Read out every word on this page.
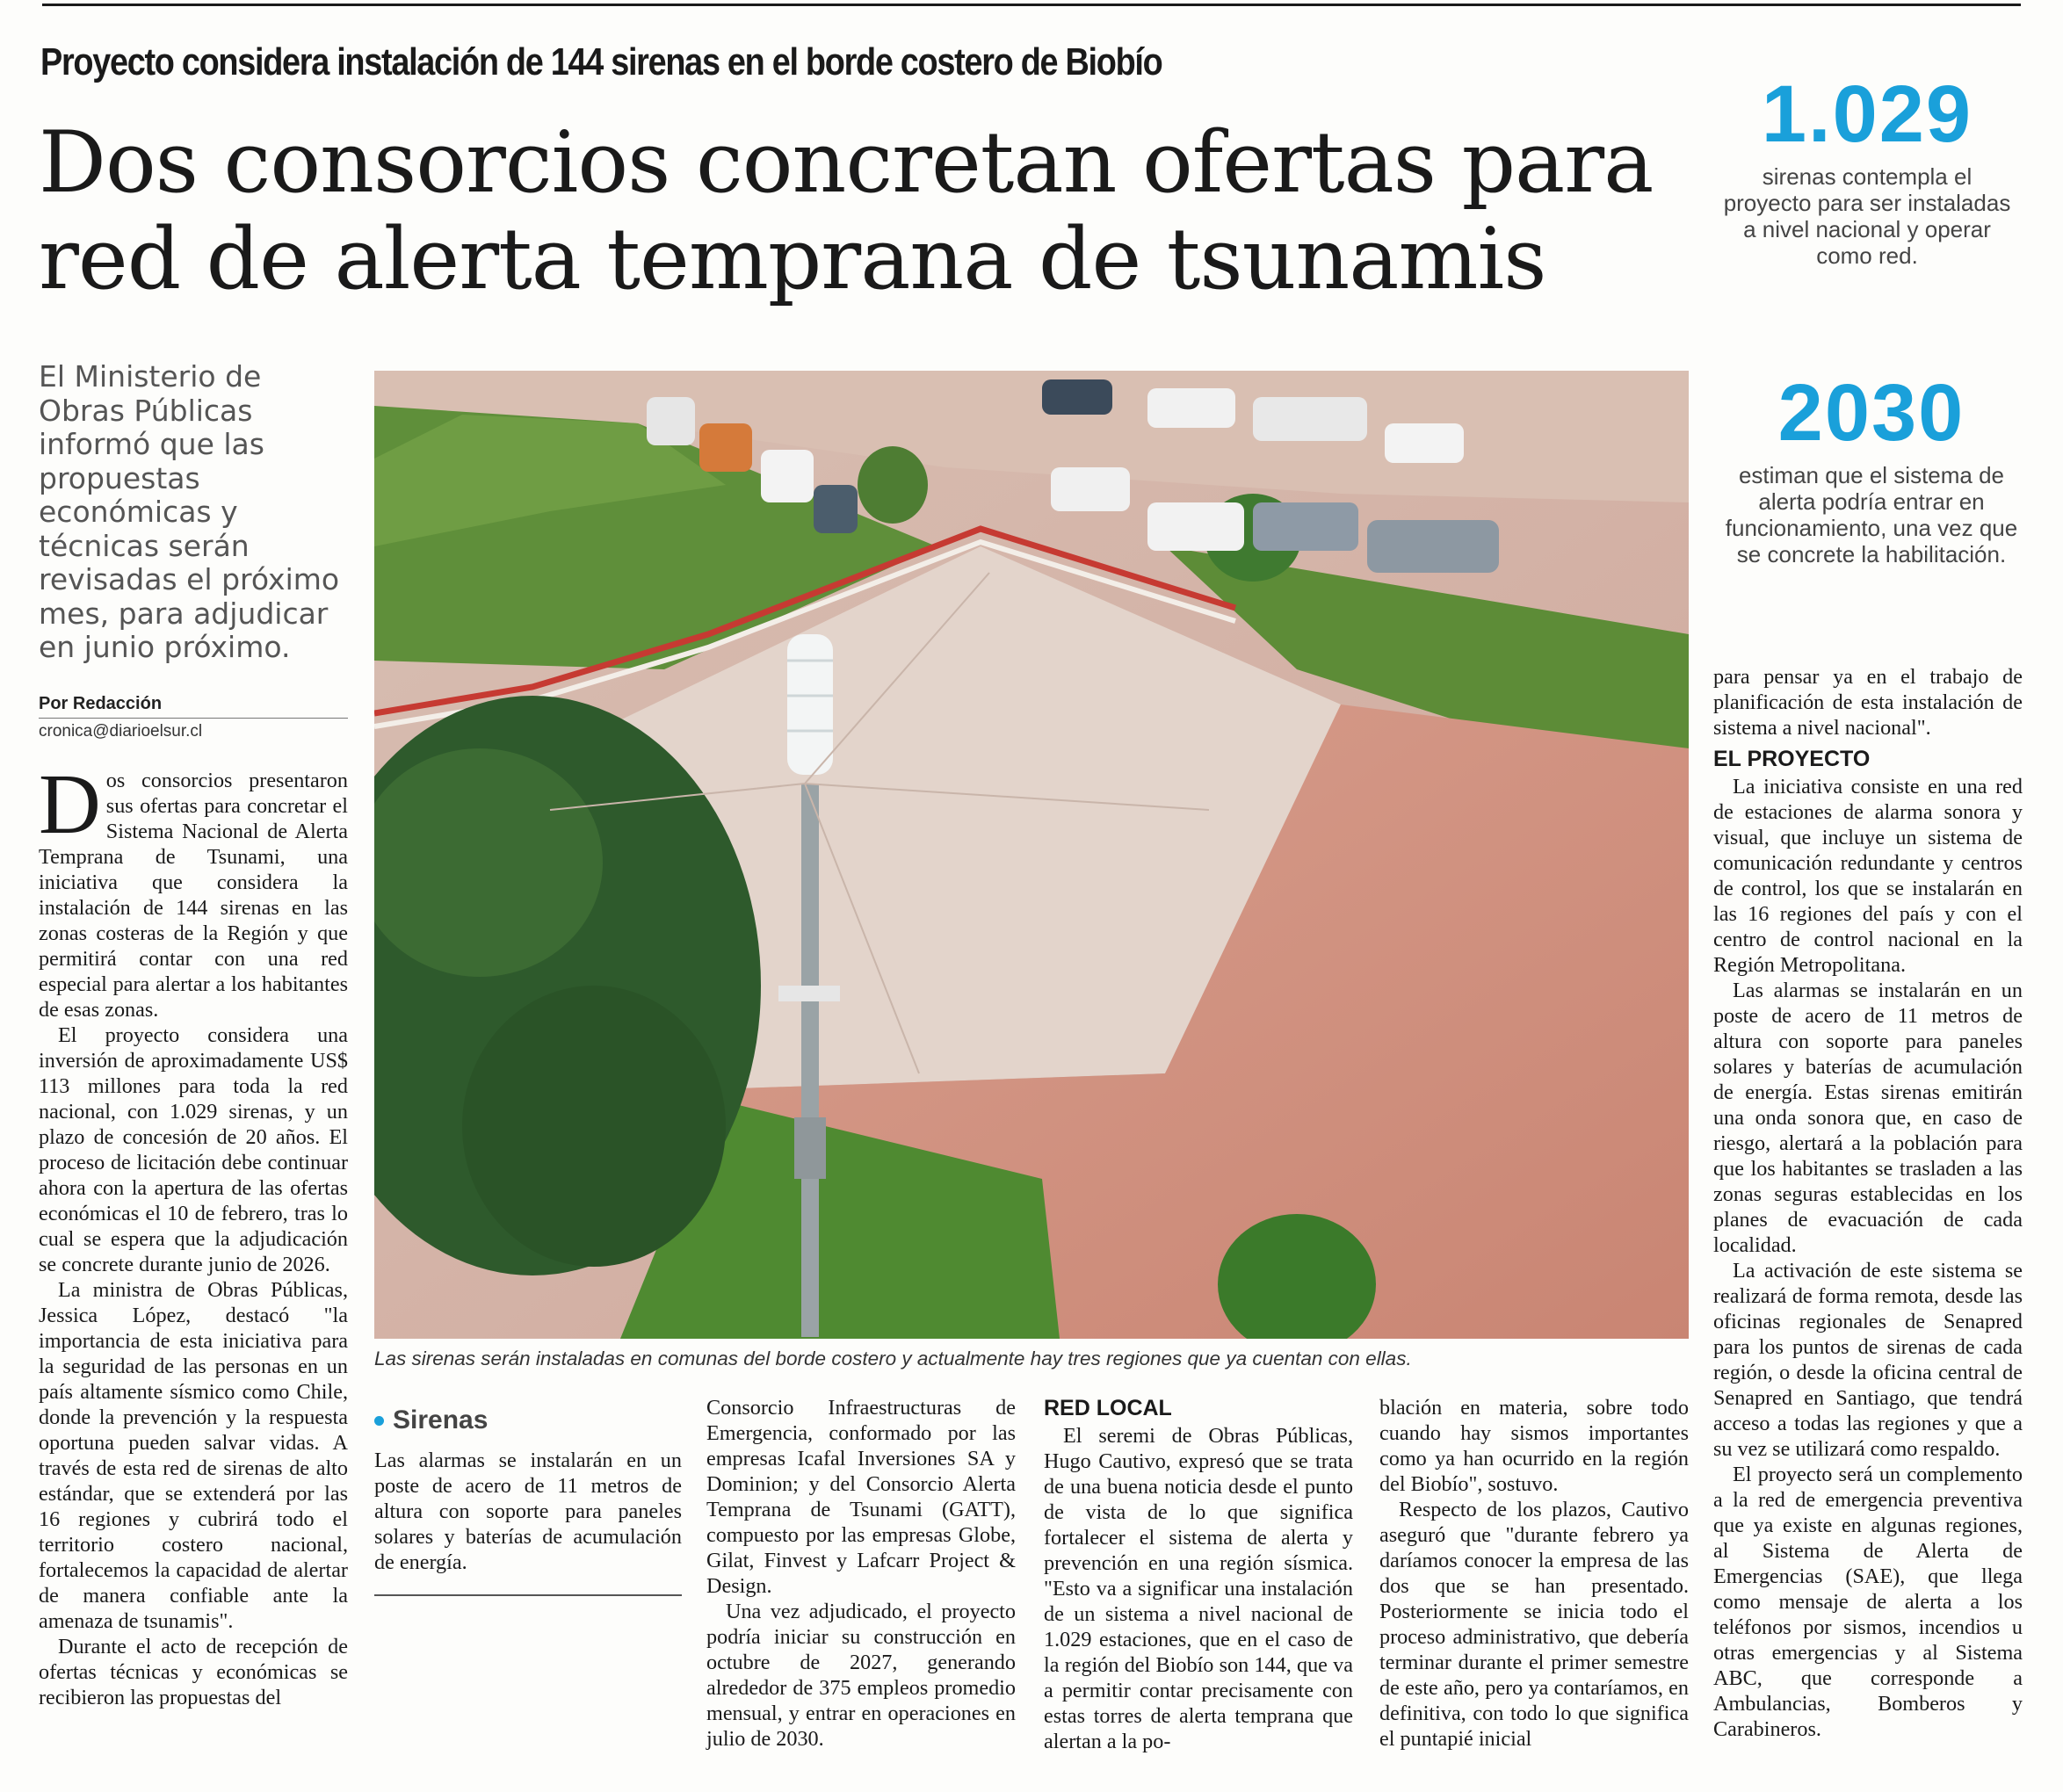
Proyecto considera instalación de 144 sirenas en el borde costero de Biobío
Dos consorcios concretan ofertas para red de alerta temprana de tsunamis
1.029
sirenas contempla el proyecto para ser instaladas a nivel nacional y operar como red.
2030
estiman que el sistema de alerta podría entrar en funcionamiento, una vez que se concrete la habilitación.
El Ministerio de Obras Públicas informó que las propuestas económicas y técnicas serán revisadas el próximo mes, para adjudicar en junio próximo.
Por Redacción
cronica@diarioelsur.cl

Dos consorcios presentaron sus ofertas para concretar el Sistema Nacional de Alerta Temprana de Tsunami, una iniciativa que considera la instalación de 144 sirenas en las zonas costeras de la Región y que permitirá contar con una red especial para alertar a los habitantes de esas zonas.

El proyecto considera una inversión de aproximadamente US$ 113 millones para toda la red nacional, con 1.029 sirenas, y un plazo de concesión de 20 años. El proceso de licitación debe continuar ahora con la apertura de las ofertas económicas el 10 de febrero, tras lo cual se espera que la adjudicación se concrete durante junio de 2026.

La ministra de Obras Públicas, Jessica López, destacó "la importancia de esta iniciativa para la seguridad de las personas en un país altamente sísmico como Chile, donde la prevención y la respuesta oportuna pueden salvar vidas. A través de esta red de sirenas de alto estándar, que se extenderá por las 16 regiones y cubrirá todo el territorio costero nacional, fortalecemos la capacidad de alertar de manera confiable ante la amenaza de tsunamis".

Durante el acto de recepción de ofertas técnicas y económicas se recibieron las propuestas del

Las sirenas serán instaladas en comunas del borde costero y actualmente hay tres regiones que ya cuentan con ellas.
Sirenas
Las alarmas se instalarán en un poste de acero de 11 metros de altura con soporte para paneles solares y baterías de acumulación de energía.

Consorcio Infraestructuras de Emergencia, conformado por las empresas Icafal Inversiones SA y Dominion; y del Consorcio Alerta Temprana de Tsunami (GATT), compuesto por las empresas Globe, Gilat, Finvest y Lafcarr Project & Design.

Una vez adjudicado, el proyecto podría iniciar su construcción en octubre de 2027, generando alrededor de 375 empleos promedio mensual, y entrar en operaciones en julio de 2030.

RED LOCAL

El seremi de Obras Públicas, Hugo Cautivo, expresó que se trata de una buena noticia desde el punto de vista de lo que significa fortalecer el sistema de alerta y prevención en una región sísmica. "Esto va a significar una instalación de un sistema a nivel nacional de 1.029 estaciones, que en el caso de la región del Biobío son 144, que va a permitir contar precisamente con estas torres de alerta temprana que alertan a la po-

blación en materia, sobre todo cuando hay sismos importantes como ya han ocurrido en la región del Biobío", sostuvo.

Respecto de los plazos, Cautivo aseguró que "durante febrero ya daríamos conocer la empresa de las dos que se han presentado. Posteriormente se inicia todo el proceso administrativo, que debería terminar durante el primer semestre de este año, pero ya contaríamos, en definitiva, con todo lo que significa el puntapié inicial

para pensar ya en el trabajo de planificación de esta instalación de sistema a nivel nacional".

EL PROYECTO

La iniciativa consiste en una red de estaciones de alarma sonora y visual, que incluye un sistema de comunicación redundante y centros de control, los que se instalarán en las 16 regiones del país y con el centro de control nacional en la Región Metropolitana.

Las alarmas se instalarán en un poste de acero de 11 metros de altura con soporte para paneles solares y baterías de acumulación de energía. Estas sirenas emitirán una onda sonora que, en caso de riesgo, alertará a la población para que los habitantes se trasladen a las zonas seguras establecidas en los planes de evacuación de cada localidad.

La activación de este sistema se realizará de forma remota, desde las oficinas regionales de Senapred para los puntos de sirenas de cada región, o desde la oficina central de Senapred en Santiago, que tendrá acceso a todas las regiones y que a su vez se utilizará como respaldo.

El proyecto será un complemento a la red de emergencia preventiva que ya existe en algunas regiones, al Sistema de Alerta de Emergencias (SAE), que llega como mensaje de alerta a los teléfonos por sismos, incendios u otras emergencias y al Sistema ABC, que corresponde a Ambulancias, Bomberos y Carabineros.
